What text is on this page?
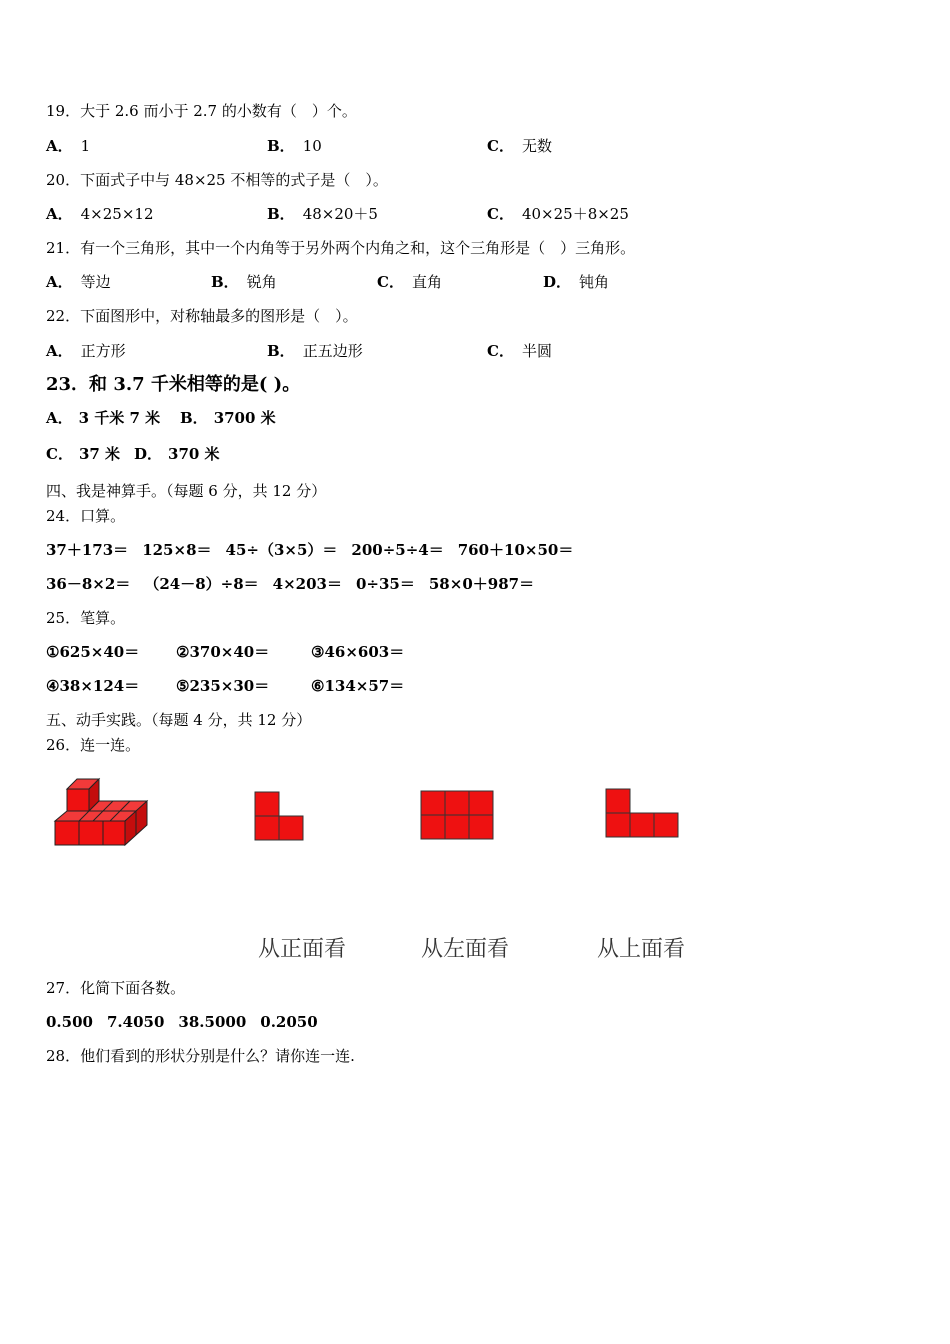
19．大于 2.6 而小于 2.7 的小数有（　）个。
A． 1	B． 10	C． 无数
20．下面式子中与 48×25 不相等的式子是（　）。
A． 4×25×12	B． 48×20＋5	C． 40×25＋8×25
21．有一个三角形，其中一个内角等于另外两个内角之和，这个三角形是（　）三角形。
A． 等边	B． 锐角	C． 直角	D． 钝角
22．下面图形中，对称轴最多的图形是（　）。
A． 正方形	B． 正五边形	C． 半圆
23．和 3.7 千米相等的是( )。
A． 3 千米 7 米 B． 3700 米
C． 37 米 D． 370 米
四、我是神算手。（每题 6 分，共 12 分）
24．口算。
37＋173＝ 125×8＝ 45÷（3×5）＝ 200÷5÷4＝ 760＋10×50＝
36－8×2＝ （24－8）÷8＝ 4×203＝ 0÷35＝ 58×0＋987＝
25．笔算。
①625×40＝ ②370×40＝	③46×603＝
④38×124＝ ⑤235×30＝	⑥134×57＝
五、动手实践。（每题 4 分，共 12 分）
26．连一连。
从正面看	从左面看	从上面看
27．化简下面各数。
0.500 7.4050 38.5000 0.2050
28．他们看到的形状分别是什么？请你连一连.
